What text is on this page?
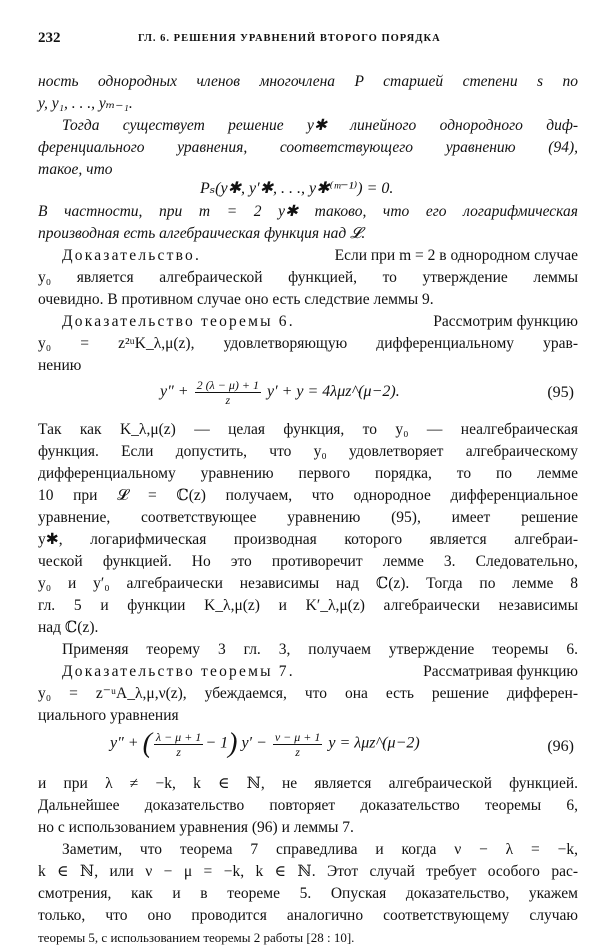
232	ГЛ. 6. РЕШЕНИЯ УРАВНЕНИЙ ВТОРОГО ПОРЯДКА
ность однородных членов многочлена P старшей степени s по
y, y₁, . . ., yₘ₋₁.
Тогда существует решение y✱ линейного однородного диф-
ференциального уравнения, соответствующего уравнению (94),
такое, что
Pₛ(y✱, y′✱, . . ., y✱⁽ᵐ⁻¹⁾) = 0.
В частности, при m = 2 y✱ таково, что его логарифмическая
производная есть алгебраическая функция над 𝓛.
Доказательство.	Если при m = 2 в однородном случае
y₀ является алгебраической функцией, то утверждение леммы
очевидно. В противном случае оно есть следствие леммы 9.
Доказательство теоремы 6.	Рассмотрим функцию
y₀ = z²ᵘK_λ,μ(z), удовлетворяющую дифференциальному урав-
нению
$y'' + \frac{2 (\lambda - \mu) + 1}{z} y' + y$ = 4λμz^(μ−2).	(95)
Так как K_λ,μ(z) — целая функция, то y₀ — неалгебраическая
функция. Если допустить, что y₀ удовлетворяет алгебраическому
дифференциальному уравнению первого порядка, то по лемме
10 при 𝓛 = ℂ(z) получаем, что однородное дифференциальное
уравнение, соответствующее уравнению (95), имеет решение
y✱, логарифмическая производная которого является алгебраи-
ческой функцией. Но это противоречит лемме 3. Следовательно,
y₀ и y′₀ алгебраически независимы над ℂ(z). Тогда по лемме 8
гл. 5 и функции K_λ,μ(z) и K′_λ,μ(z) алгебраически независимы
над ℂ(z).
Применяя теорему 3 гл. 3, получаем утверждение теоремы 6.
Доказательство теоремы 7.	Рассматривая функцию
y₀ = z⁻ᵘA_λ,μ,ν(z), убеждаемся, что она есть решение дифферен-
циального уравнения
y″ + ( $\frac{\lambda - \mu + 1}{z} - 1$) $y' - \frac{\nu - \mu + 1}{z}$ y = λμz^(μ−2)	(96)
и при λ ≠ −k, k ∈ ℕ, не является алгебраической функцией.
Дальнейшее доказательство повторяет доказательство теоремы 6,
но с использованием уравнения (96) и леммы 7.
Заметим, что теорема 7 справедлива и когда ν − λ = −k,
k ∈ ℕ, или ν − μ = −k, k ∈ ℕ. Этот случай требует особого рас-
смотрения, как и в теореме 5. Опуская доказательство, укажем
только, что оно проводится аналогично соответствующему случаю
теоремы 5, с использованием теоремы 2 работы [28 : 10].
